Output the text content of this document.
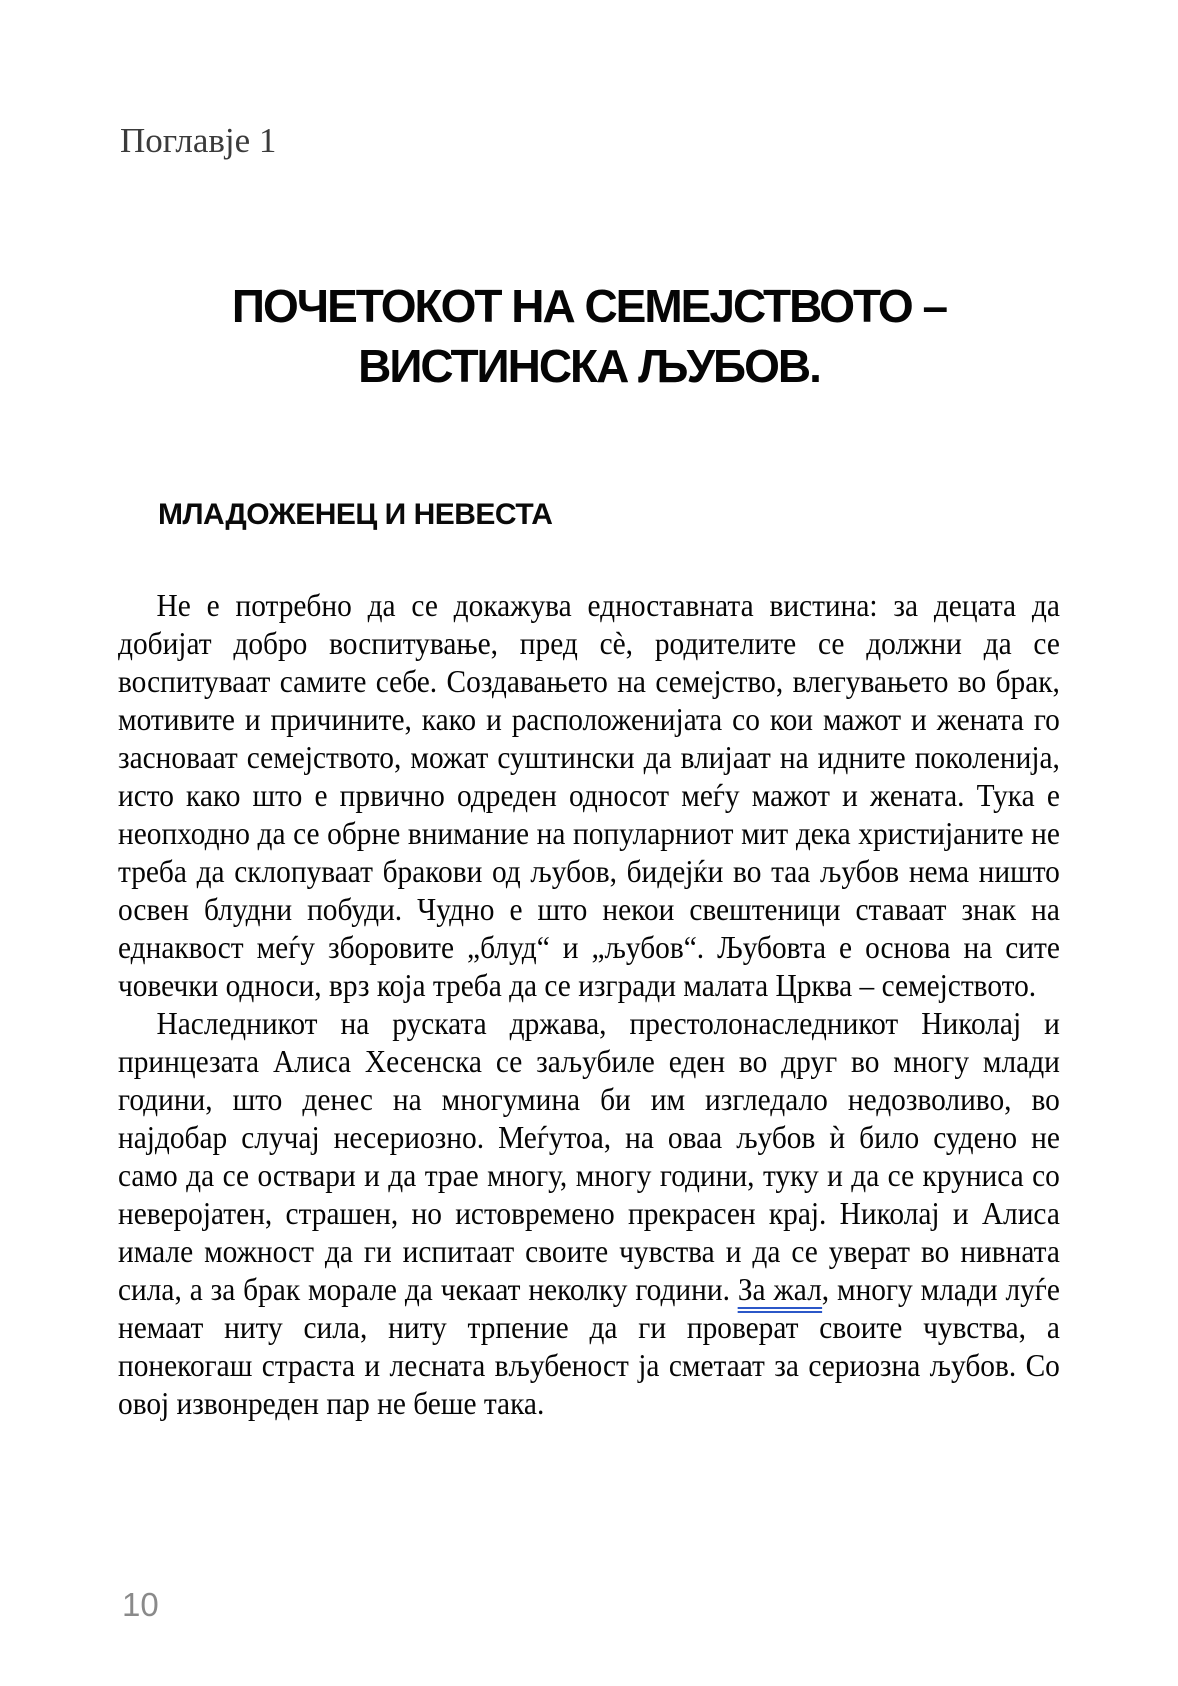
Поглавје 1
ПОЧЕТОКОТ НА СЕМЕЈСТВОТО – ВИСТИНСКА ЉУБОВ.
МЛАДОЖЕНЕЦ И НЕВЕСТА

Не е потребно да се докажува едноставната вистина: за децата да добијат добро воспитување, пред сè, родителите се должни да се воспитуваат самите себе. Создавањето на семејство, влегувањето во брак, мотивите и причините, како и расположенијата со кои мажот и жената го засноваат семејството, можат суштински да влијаат на идните поколенија, исто како што е првично одреден односот меѓу мажот и жената. Тука е неопходно да се обрне внимание на популарниот мит дека христијаните не треба да склопуваат бракови од љубов, бидејќи во таа љубов нема ништо освен блудни побуди. Чудно е што некои свештеници ставаат знак на еднаквост меѓу зборовите „блуд“ и „љубов“. Љубовта е основа на сите човечки односи, врз која треба да се изгради малата Црква – семејството.

Наследникот на руската држава, престолонаследникот Николај и принцезата Алиса Хесенска се заљубиле еден во друг во многу млади години, што денес на многумина би им изгледало недозволиво, во најдобар случај несериозно. Меѓутоа, на оваа љубов ѝ било судено не само да се оствари и да трае многу, многу години, туку и да се круниса со неверојатен, страшен, но истовремено прекрасен крај. Николај и Алиса имале можност да ги испитаат своите чувства и да се уверат во нивната сила, а за брак морале да чекаат неколку години. За жал, многу млади луѓе немаат ниту сила, ниту трпение да ги проверат своите чувства, а понекогаш страста и лесната вљубеност ја сметаат за сериозна љубов. Со овој извонреден пар не беше така.

10
